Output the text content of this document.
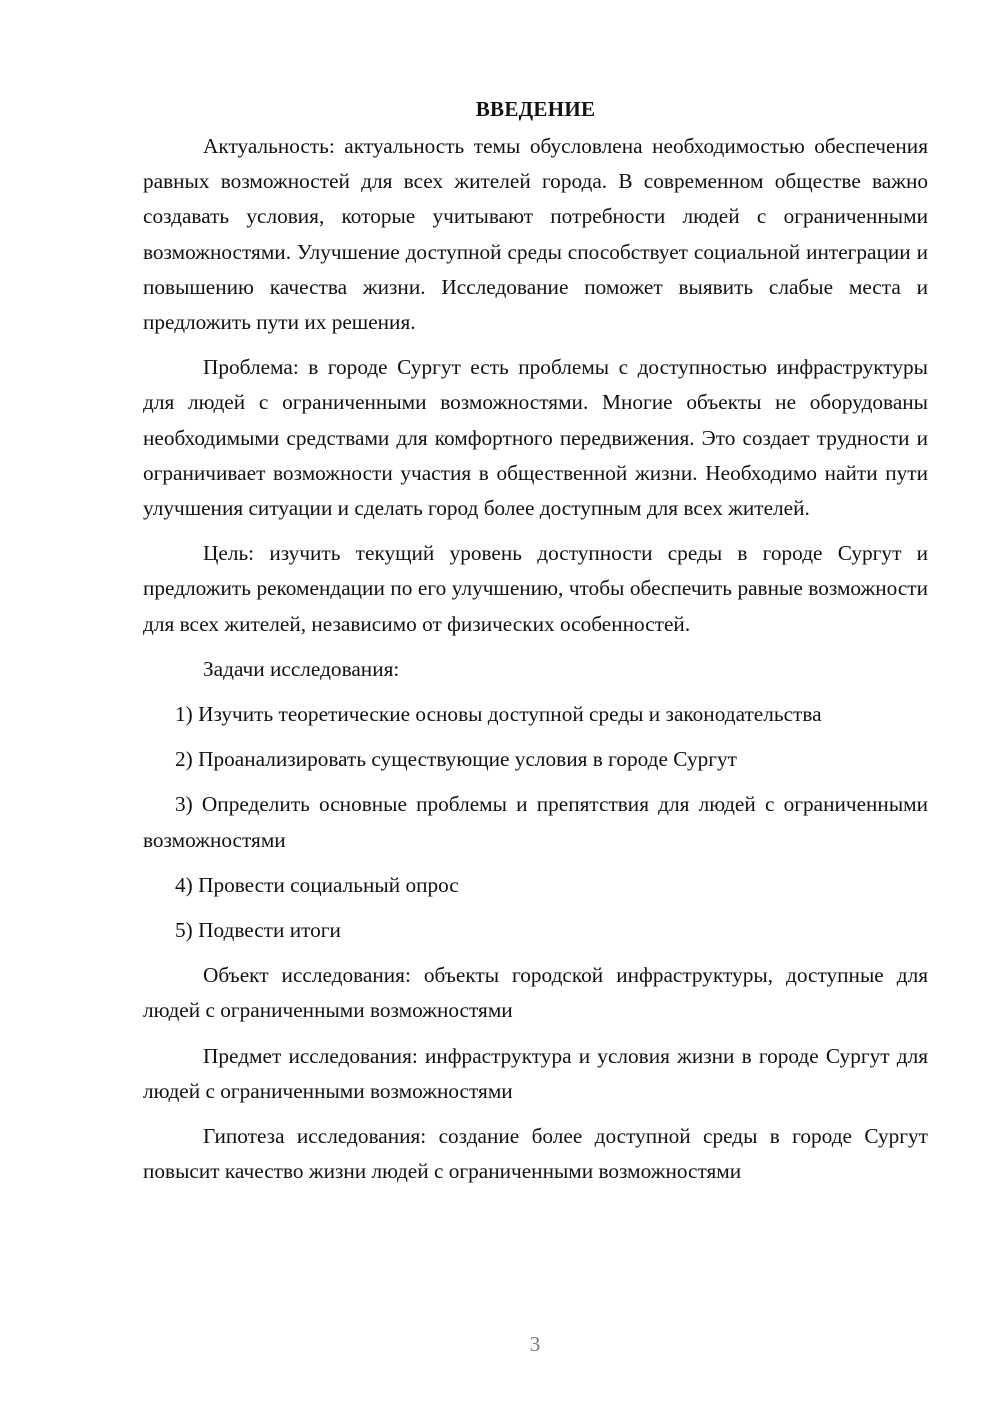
ВВЕДЕНИЕ

Актуальность: актуальность темы обусловлена необходимостью обеспечения равных возможностей для всех жителей города. В современном обществе важно создавать условия, которые учитывают потребности людей с ограниченными возможностями. Улучшение доступной среды способствует социальной интеграции и повышению качества жизни. Исследование поможет выявить слабые места и предложить пути их решения.

Проблема: в городе Сургут есть проблемы с доступностью инфраструктуры для людей с ограниченными возможностями. Многие объекты не оборудованы необходимыми средствами для комфортного передвижения. Это создает трудности и ограничивает возможности участия в общественной жизни. Необходимо найти пути улучшения ситуации и сделать город более доступным для всех жителей.

Цель: изучить текущий уровень доступности среды в городе Сургут и предложить рекомендации по его улучшению, чтобы обеспечить равные возможности для всех жителей, независимо от физических особенностей.

Задачи исследования:

1) Изучить теоретические основы доступной среды и законодательства

2) Проанализировать существующие условия в городе Сургут

3) Определить основные проблемы и препятствия для людей с ограниченными возможностями

4) Провести социальный опрос

5) Подвести итоги

Объект исследования: объекты городской инфраструктуры, доступные для людей с ограниченными возможностями

Предмет исследования: инфраструктура и условия жизни в городе Сургут для людей с ограниченными возможностями

Гипотеза исследования: создание более доступной среды в городе Сургут повысит качество жизни людей с ограниченными возможностями

3
